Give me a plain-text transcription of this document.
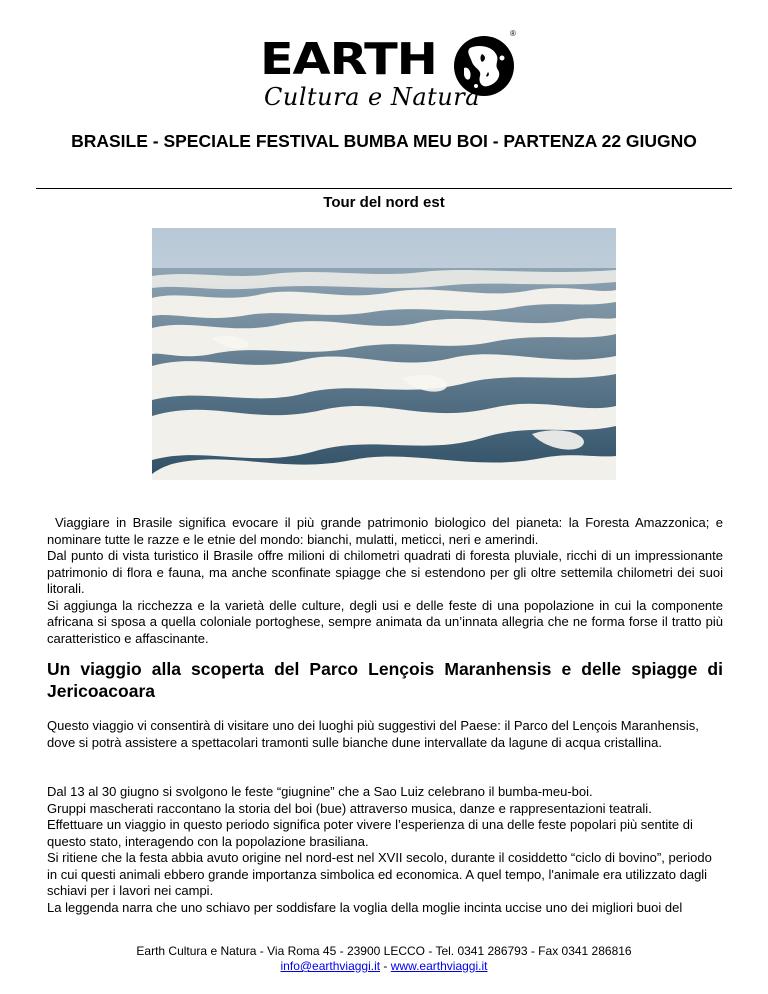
EARTH
®
Cultura e Natura
BRASILE - SPECIALE FESTIVAL BUMBA MEU BOI - PARTENZA 22 GIUGNO
Tour del nord est

Viaggiare in Brasile significa evocare il più grande patrimonio biologico del pianeta: la Foresta Amazzonica; e nominare tutte le razze e le etnie del mondo: bianchi, mulatti, meticci, neri e amerindi.

Dal punto di vista turistico il Brasile offre milioni di chilometri quadrati di foresta pluviale, ricchi di un impressionante patrimonio di flora e fauna, ma anche sconfinate spiagge che si estendono per gli oltre settemila chilometri dei suoi litorali.

Si aggiunga la ricchezza e la varietà delle culture, degli usi e delle feste di una popolazione in cui la componente africana si sposa a quella coloniale portoghese, sempre animata da un’innata allegria che ne forma forse il tratto più caratteristico e affascinante.

Un viaggio alla scoperta del Parco Lençois Maranhensis e delle spiagge di Jericoacoara

Questo viaggio vi consentirà di visitare uno dei luoghi più suggestivi del Paese: il Parco del Lençois Maranhensis, dove si potrà assistere a spettacolari tramonti sulle bianche dune intervallate da lagune di acqua cristallina.

Dal 13 al 30 giugno si svolgono le feste “giugnine” che a Sao Luiz celebrano il bumba-meu-boi.

Gruppi mascherati raccontano la storia del boi (bue) attraverso musica, danze e rappresentazioni teatrali.

Effettuare un viaggio in questo periodo significa poter vivere l’esperienza di una delle feste popolari più sentite di questo stato, interagendo con la popolazione brasiliana.

Si ritiene che la festa abbia avuto origine nel nord-est nel XVII secolo, durante il cosiddetto “ciclo di bovino”, periodo in cui questi animali ebbero grande importanza simbolica ed economica. A quel tempo, l'animale era utilizzato dagli schiavi per i lavori nei campi.

La leggenda narra che uno schiavo per soddisfare la voglia della moglie incinta uccise uno dei migliori buoi del

Earth Cultura e Natura - Via Roma 45 - 23900 LECCO - Tel. 0341 286793 - Fax 0341 286816
info@earthviaggi.it - www.earthviaggi.it
